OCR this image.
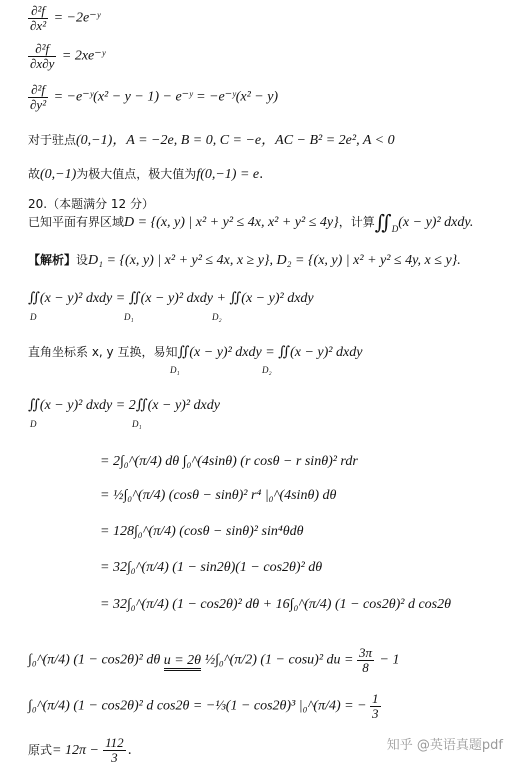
$\frac{\text{∂²f}}{\text{∂x²}}$ = −2e⁻ʸ
$\frac{\text{∂²f}}{\partial x\partial y}$ = 2xe⁻ʸ
$\frac{\text{∂²f}}{\text{∂y²}}$ = −e⁻ʸ(x² − y − 1) − e⁻ʸ = −e⁻ʸ(x² − y)
对于驻点(0,−1)，A = −2e, B = 0, C = −e，AC − B² = 2e², A < 0
故(0,−1)为极大值点，极大值为f(0,−1) = e.
20.（本题满分 12 分）
已知平面有界区域D = {(x, y) | x² + y² ≤ 4x, x² + y² ≤ 4y}，计算$∬_D(x - y)^2$ dxdy.
【解析】设D₁ = {(x, y) | x² + y² ≤ 4x, x ≥ y}, D₂ = {(x, y) | x² + y² ≤ 4y, x ≤ y}.
∬(x − y)² dxdy = ∬(x − y)² dxdy + ∬(x − y)² dxdy
D	D₁	D₂
直角坐标系 x, y 互换，易知∬(x − y)² dxdy = ∬(x − y)² dxdy
D₁	D₂
∬(x − y)² dxdy = 2∬(x − y)² dxdy
D	D₁
= 2∫₀^(π/4) dθ ∫₀^(4sinθ) (r cosθ − r sinθ)² rdr
= ½∫₀^(π/4) (cosθ − sinθ)² r⁴ |₀^(4sinθ) dθ
= 128∫₀^(π/4) (cosθ − sinθ)² sin⁴θdθ
= 32∫₀^(π/4) (1 − sin2θ)(1 − cos2θ)² dθ
= 32∫₀^(π/4) (1 − cos2θ)² dθ + 16∫₀^(π/4) (1 − cos2θ)² d cos2θ
∫₀^(π/4) (1 − cos2θ)² dθ u = 2θ ½∫₀^(π/2) (1 − cosu)² du = $\frac{3\pi}{8} - 1$
∫₀^(π/4) (1 − cos2θ)² d cos2θ = −⅓(1 − cos2θ)³ |₀^(π/4) = − $\frac{1}{3}$
原式= $12\pi - \frac{112}{3}$ .	知乎 @英语真题pdf
